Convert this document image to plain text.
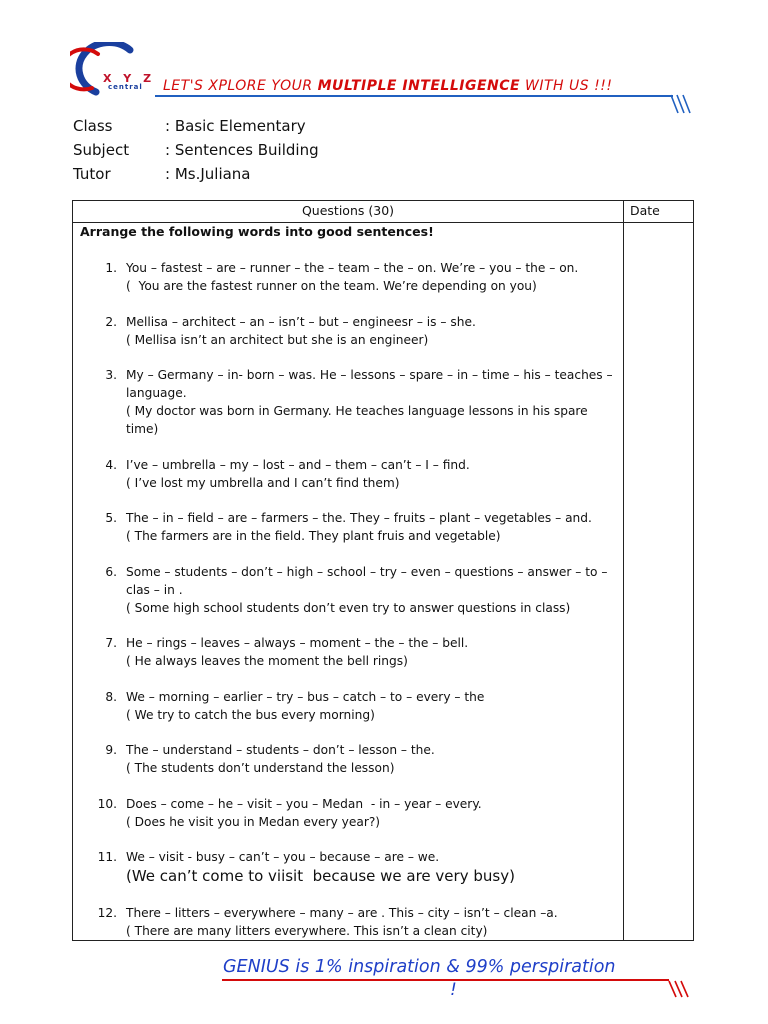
X Y Z
central LET'S XPLORE YOUR MULTIPLE INTELLIGENCE WITH US !!!
Class	: Basic Elementary
Subject : Sentences Building
Tutor	: Ms.Juliana
Questions (30)	Date
Arrange the following words into good sentences!
1. You – fastest – are – runner – the – team – the – on. We’re – you – the – on.
(  You are the fastest runner on the team. We’re depending on you)
2. Mellisa – architect – an – isn’t – but – engineesr – is – she.
( Mellisa isn’t an architect but she is an engineer)
3. My – Germany – in- born – was. He – lessons – spare – in – time – his – teaches – language.
( My doctor was born in Germany. He teaches language lessons in his spare time)
4. I’ve – umbrella – my – lost – and – them – can’t – I – find.
( I’ve lost my umbrella and I can’t find them)
5. The – in – field – are – farmers – the. They – fruits – plant – vegetables – and.
( The farmers are in the field. They plant fruis and vegetable)
6. Some – students – don’t – high – school – try – even – questions – answer – to – clas – in .
( Some high school students don’t even try to answer questions in class)
7. He – rings – leaves – always – moment – the – the – bell.
( He always leaves the moment the bell rings)
8. We – morning – earlier – try – bus – catch – to – every – the
( We try to catch the bus every morning)
9. The – understand – students – don’t – lesson – the.
( The students don’t understand the lesson)
10. Does – come – he – visit – you – Medan  - in – year – every.
( Does he visit you in Medan every year?)
11. We – visit - busy – can’t – you – because – are – we.
(We can’t come to viisit  because we are very busy)
12. There – litters – everywhere – many – are . This – city – isn’t – clean –a.
( There are many litters everywhere. This isn’t a clean city)
GENIUS is 1% inspiration & 99% perspiration
!
